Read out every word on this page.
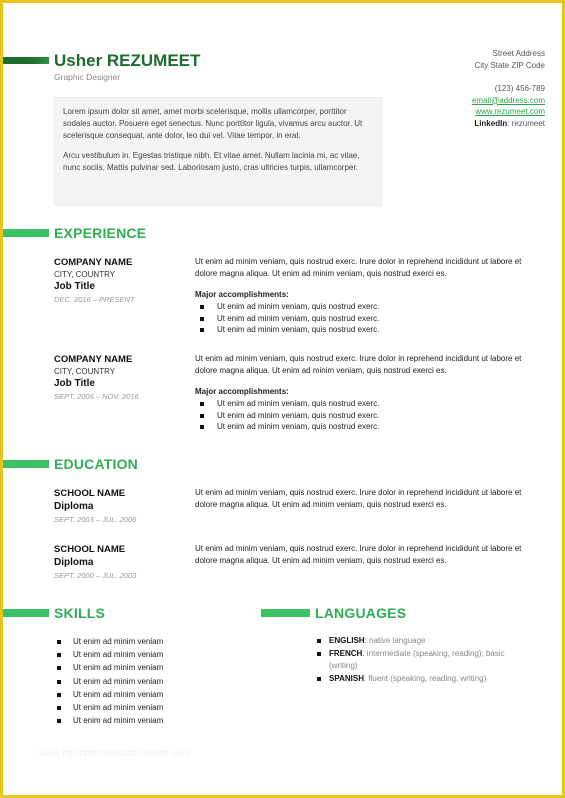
Usher REZUMEET
Graphic Designer

Lorem ipsum dolor sit amet, amet morbi scelerisque, mollis ullamcorper, porttitor sodales auctor. Posuere eget senectus. Nunc porttitor ligula, vivamus arcu auctor. Ut scelerisque consequat, ante dolor, leo dui vel. Vitae tempor, in erat.

Arcu vestibulum in. Egestas tristique nibh. Et vitae amet. Nullam lacinia mi, ac vitae, nunc sociis. Mattis pulvinar sed. Laboriosam justo, cras ultricies turpis, ullamcorper.

Street Address
City State ZIP Code
(123) 456-789
email@address.com
www.rezumeet.com
LinkedIn: rezumeet
EXPERIENCE
COMPANY NAME
CITY, COUNTRY
Job Title
DEC. 2016 – PRESENT
Ut enim ad minim veniam, quis nostrud exerc. Irure dolor in reprehend incididunt ut labore et dolore magna aliqua. Ut enim ad minim veniam, quis nostrud exerci es.
Major accomplishments:
Ut enim ad minim veniam, quis nostrud exerc.
Ut enim ad minim veniam, quis nostrud exerc.
Ut enim ad minim veniam, quis nostrud exerc.
COMPANY NAME
CITY, COUNTRY
Job Title
SEPT. 2006 – NOV. 2016
Ut enim ad minim veniam, quis nostrud exerc. Irure dolor in reprehend incididunt ut labore et dolore magna aliqua. Ut enim ad minim veniam, quis nostrud exerci es.
Major accomplishments:
Ut enim ad minim veniam, quis nostrud exerc.
Ut enim ad minim veniam, quis nostrud exerc.
Ut enim ad minim veniam, quis nostrud exerc.
EDUCATION
SCHOOL NAME
Diploma
SEPT. 2003 – JUL. 2006
Ut enim ad minim veniam, quis nostrud exerc. Irure dolor in reprehend incididunt ut labore et dolore magna aliqua. Ut enim ad minim veniam, quis nostrud exerci es.
SCHOOL NAME
Diploma
SEPT. 2000 – JUL. 2003
Ut enim ad minim veniam, quis nostrud exerc. Irure dolor in reprehend incididunt ut labore et dolore magna aliqua. Ut enim ad minim veniam, quis nostrud exerci es.
SKILLS
Ut enim ad minim veniam
Ut enim ad minim veniam
Ut enim ad minim veniam
Ut enim ad minim veniam
Ut enim ad minim veniam
Ut enim ad minim veniam
Ut enim ad minim veniam
LANGUAGES
ENGLISH: native language
FRENCH: intermediate (speaking, reading); basic (writing)
SPANISH: fluent (speaking, reading, writing)
www.heritagechristiancollege.com
